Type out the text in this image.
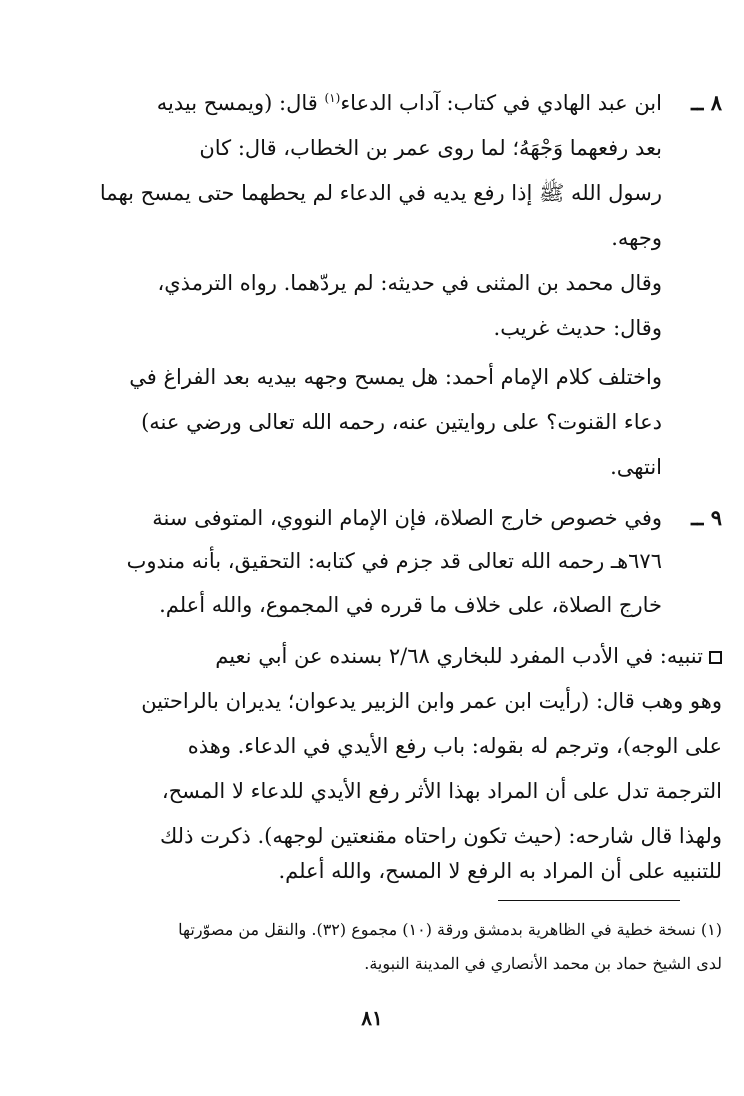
٨ ــ
ابن عبد الهادي في كتاب: آداب الدعاء$^{(١)}$ قال: (ويمسح بيديه
بعد رفعهما وَجْهَهُ؛ لما روى عمر بن الخطاب، قال: كان
رسول الله ﷺ إذا رفع يديه في الدعاء لم يحطهما حتى يمسح بهما
وجهه.
وقال محمد بن المثنى في حديثه: لم يردّهما. رواه الترمذي،
وقال: حديث غريب.
واختلف كلام الإمام أحمد: هل يمسح وجهه بيديه بعد الفراغ في
دعاء القنوت؟ على روايتين عنه، رحمه الله تعالى ورضي عنه)
انتهى.
٩ ــ
وفي خصوص خارج الصلاة، فإن الإمام النووي، المتوفى سنة
٦٧٦هـ رحمه الله تعالى قد جزم في كتابه: التحقيق، بأنه مندوب
خارج الصلاة، على خلاف ما قرره في المجموع، والله أعلم.
تنبيه: في الأدب المفرد للبخاري ٢/٦٨ بسنده عن أبي نعيم
وهو وهب قال: (رأيت ابن عمر وابن الزبير يدعوان؛ يديران بالراحتين
على الوجه)، وترجم له بقوله: باب رفع الأيدي في الدعاء. وهذه
الترجمة تدل على أن المراد بهذا الأثر رفع الأيدي للدعاء لا المسح،
ولهذا قال شارحه: (حيث تكون راحتاه مقنعتين لوجهه). ذكرت ذلك
للتنبيه على أن المراد به الرفع لا المسح، والله أعلم.
(١) نسخة خطية في الظاهرية بدمشق ورقة (١٠) مجموع (٣٢). والنقل من مصوّرتها
لدى الشيخ حماد بن محمد الأنصاري في المدينة النبوية.
٨١
